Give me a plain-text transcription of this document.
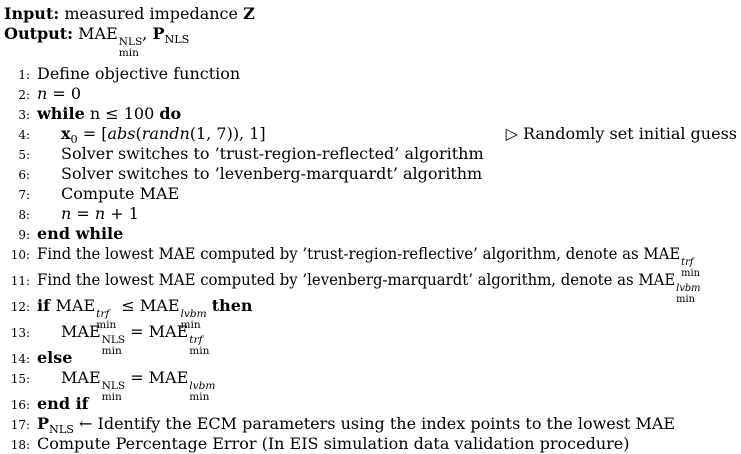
Input: measured impedance Z
Output: MAE NLS
min
, $P_{NLS}$
1: Define objective function
2: n = 0
3: while n ≤ 100 do
4:	$x_0$ = [abs(randn(1, 7)), 1]	▷ Randomly set initial guess
5:	Solver switches to ’trust-region-reflected’ algorithm
6:	Solver switches to ’levenberg-marquardt’ algorithm
7:	Compute MAE
8:	n = n + 1
9: end while
10: Find the lowest MAE computed by ’trust-region-reflective’ algorithm, denote as MAE trf
min
11: Find the lowest MAE computed by ’levenberg-marquardt’ algorithm, denote as MAE lvbm
min
12: if MAE trf
min
≤ MAE lvbm
min
then
13:	MAE NLS
min
= MAE trf
min
14: else
15:	MAE NLS
min
= MAE lvbm
min
16: end if
17: $P_{NLS}$ ← Identify the ECM parameters using the index points to the lowest MAE
18: Compute Percentage Error (In EIS simulation data validation procedure)
